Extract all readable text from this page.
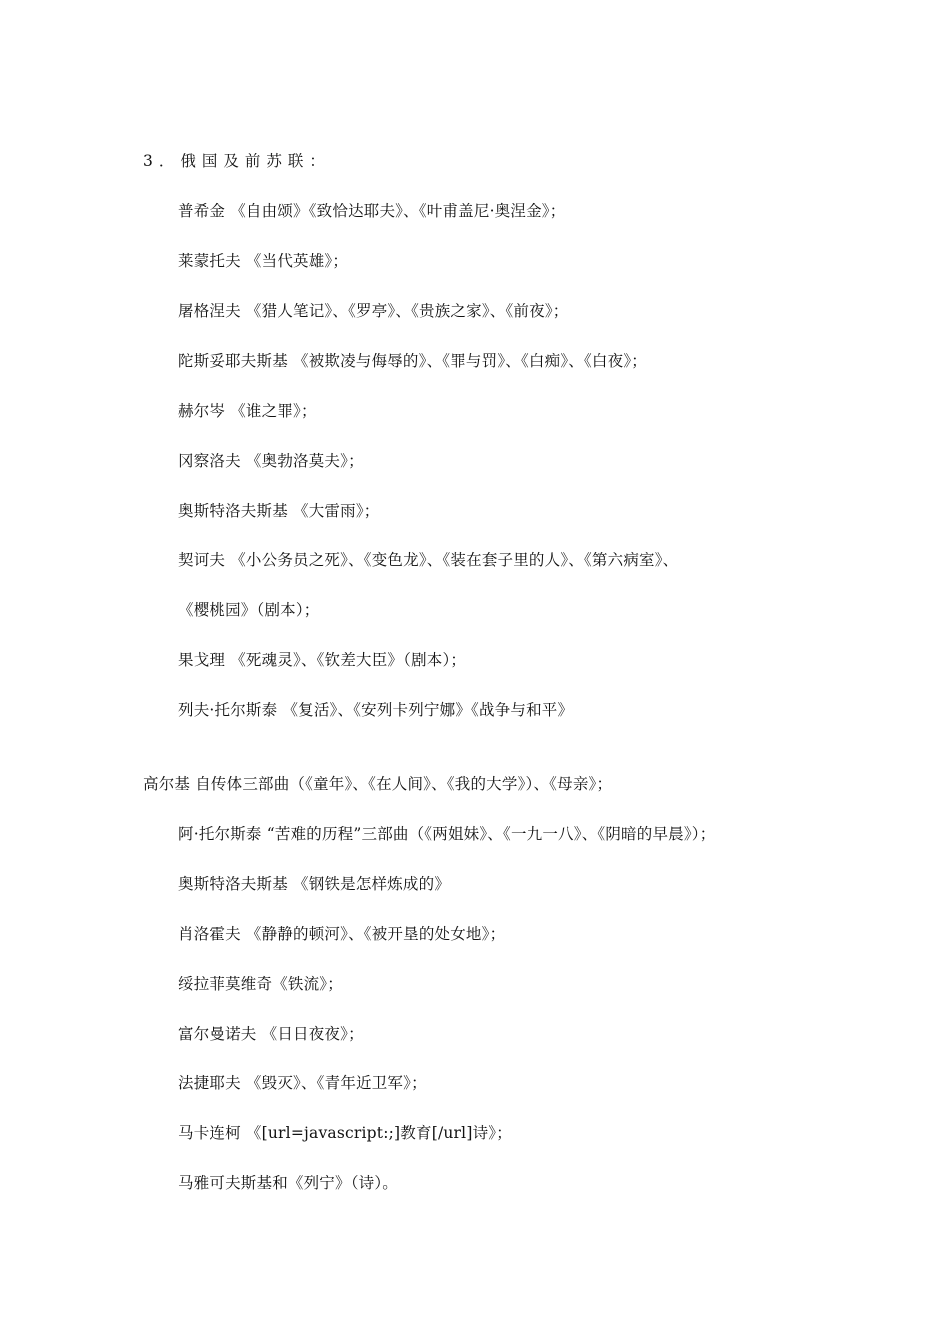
3．俄国及前苏联：
普希金 《自由颂》《致恰达耶夫》、《叶甫盖尼·奥涅金》；
莱蒙托夫 《当代英雄》；
屠格涅夫 《猎人笔记》、《罗亭》、《贵族之家》、《前夜》；
陀斯妥耶夫斯基 《被欺凌与侮辱的》、《罪与罚》、《白痴》、《白夜》；
赫尔岑 《谁之罪》；
冈察洛夫 《奥勃洛莫夫》；
奥斯特洛夫斯基 《大雷雨》；
契诃夫 《小公务员之死》、《变色龙》、《装在套子里的人》、《第六病室》、
《樱桃园》（剧本）；
果戈理 《死魂灵》、《钦差大臣》（剧本）；
列夫·托尔斯泰 《复活》、《安列卡列宁娜》《战争与和平》
高尔基 自传体三部曲（《童年》、《在人间》、《我的大学》）、《母亲》；
阿·托尔斯泰 “苦难的历程”三部曲（《两姐妹》、《一九一八》、《阴暗的早晨》）；
奥斯特洛夫斯基 《钢铁是怎样炼成的》
肖洛霍夫 《静静的顿河》、《被开垦的处女地》；
绥拉菲莫维奇《铁流》；
富尔曼诺夫 《日日夜夜》；
法捷耶夫 《毁灭》、《青年近卫军》；
马卡连柯 《[url=javascript:;]教育[/url]诗》；
马雅可夫斯基和《列宁》（诗）。
